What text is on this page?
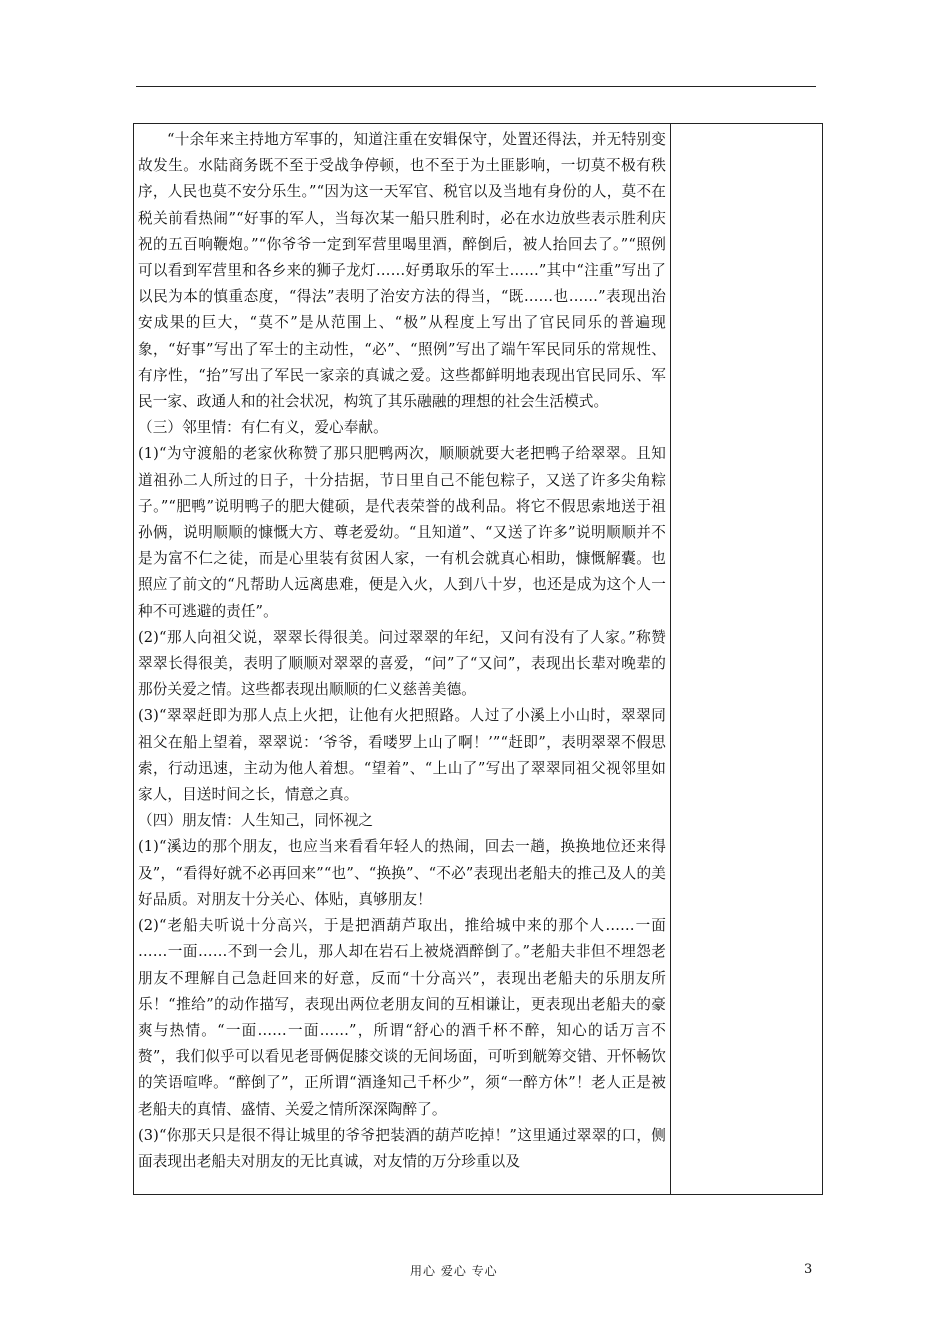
“十余年来主持地方军事的，知道注重在安辑保守，处置还得法，并无特别变故发生。水陆商务既不至于受战争停顿，也不至于为土匪影响，一切莫不极有秩序，人民也莫不安分乐生。”“因为这一天军官、税官以及当地有身份的人，莫不在税关前看热闹”“好事的军人，当每次某一船只胜利时，必在水边放些表示胜利庆祝的五百响鞭炮。”“你爷爷一定到军营里喝里酒，醉倒后，被人抬回去了。”“照例可以看到军营里和各乡来的狮子龙灯……好勇取乐的军士……”其中“注重”写出了以民为本的慎重态度，“得法”表明了治安方法的得当，“既……也……”表现出治安成果的巨大，“莫不”是从范围上、“极”从程度上写出了官民同乐的普遍现象，“好事”写出了军士的主动性，“必”、“照例”写出了端午军民同乐的常规性、有序性，“抬”写出了军民一家亲的真诚之爱。这些都鲜明地表现出官民同乐、军民一家、政通人和的社会状况，构筑了其乐融融的理想的社会生活模式。

（三）邻里情：有仁有义，爱心奉献。

(1)“为守渡船的老家伙称赞了那只肥鸭两次，顺顺就要大老把鸭子给翠翠。且知道祖孙二人所过的日子，十分拮据，节日里自己不能包粽子，又送了许多尖角粽子。”“肥鸭”说明鸭子的肥大健硕，是代表荣誉的战利品。将它不假思索地送于祖孙俩，说明顺顺的慷慨大方、尊老爱幼。“且知道”、“又送了许多”说明顺顺并不是为富不仁之徒，而是心里装有贫困人家，一有机会就真心相助，慷慨解囊。也照应了前文的“凡帮助人远离患难，便是入火，人到八十岁，也还是成为这个人一种不可逃避的责任”。

(2)“那人向祖父说，翠翠长得很美。问过翠翠的年纪，又问有没有了人家。”称赞翠翠长得很美，表明了顺顺对翠翠的喜爱，“问”了“又问”，表现出长辈对晚辈的那份关爱之情。这些都表现出顺顺的仁义慈善美德。

(3)“翠翠赶即为那人点上火把，让他有火把照路。人过了小溪上小山时，翠翠同祖父在船上望着，翠翠说：‘爷爷，看喽罗上山了啊！’”“赶即”，表明翠翠不假思索，行动迅速，主动为他人着想。“望着”、“上山了”写出了翠翠同祖父视邻里如家人，目送时间之长，情意之真。

（四）朋友情：人生知己，同怀视之

(1)“溪边的那个朋友，也应当来看看年轻人的热闹，回去一趟，换换地位还来得及”，“看得好就不必再回来”“也”、“换换”、“不必”表现出老船夫的推己及人的美好品质。对朋友十分关心、体贴，真够朋友！

(2)“老船夫听说十分高兴，于是把酒葫芦取出，推给城中来的那个人……一面 ……一面……不到一会儿，那人却在岩石上被烧酒醉倒了。”老船夫非但不埋怨老朋友不理解自己急赶回来的好意，反而“十分高兴”，表现出老船夫的乐朋友所乐！“推给”的动作描写，表现出两位老朋友间的互相谦让，更表现出老船夫的豪爽与热情。“一面……一面……”，所谓“舒心的酒千杯不醉，知心的话万言不赘”，我们似乎可以看见老哥俩促膝交谈的无间场面，可听到觥筹交错、开怀畅饮的笑语喧哗。“醉倒了”，正所谓“酒逢知己千杯少”，须“一醉方休”！老人正是被老船夫的真情、盛情、关爱之情所深深陶醉了。

(3)“你那天只是很不得让城里的爷爷把装酒的葫芦吃掉！”这里通过翠翠的口，侧面表现出老船夫对朋友的无比真诚，对友情的万分珍重以及

用心 爱心 专心	3
